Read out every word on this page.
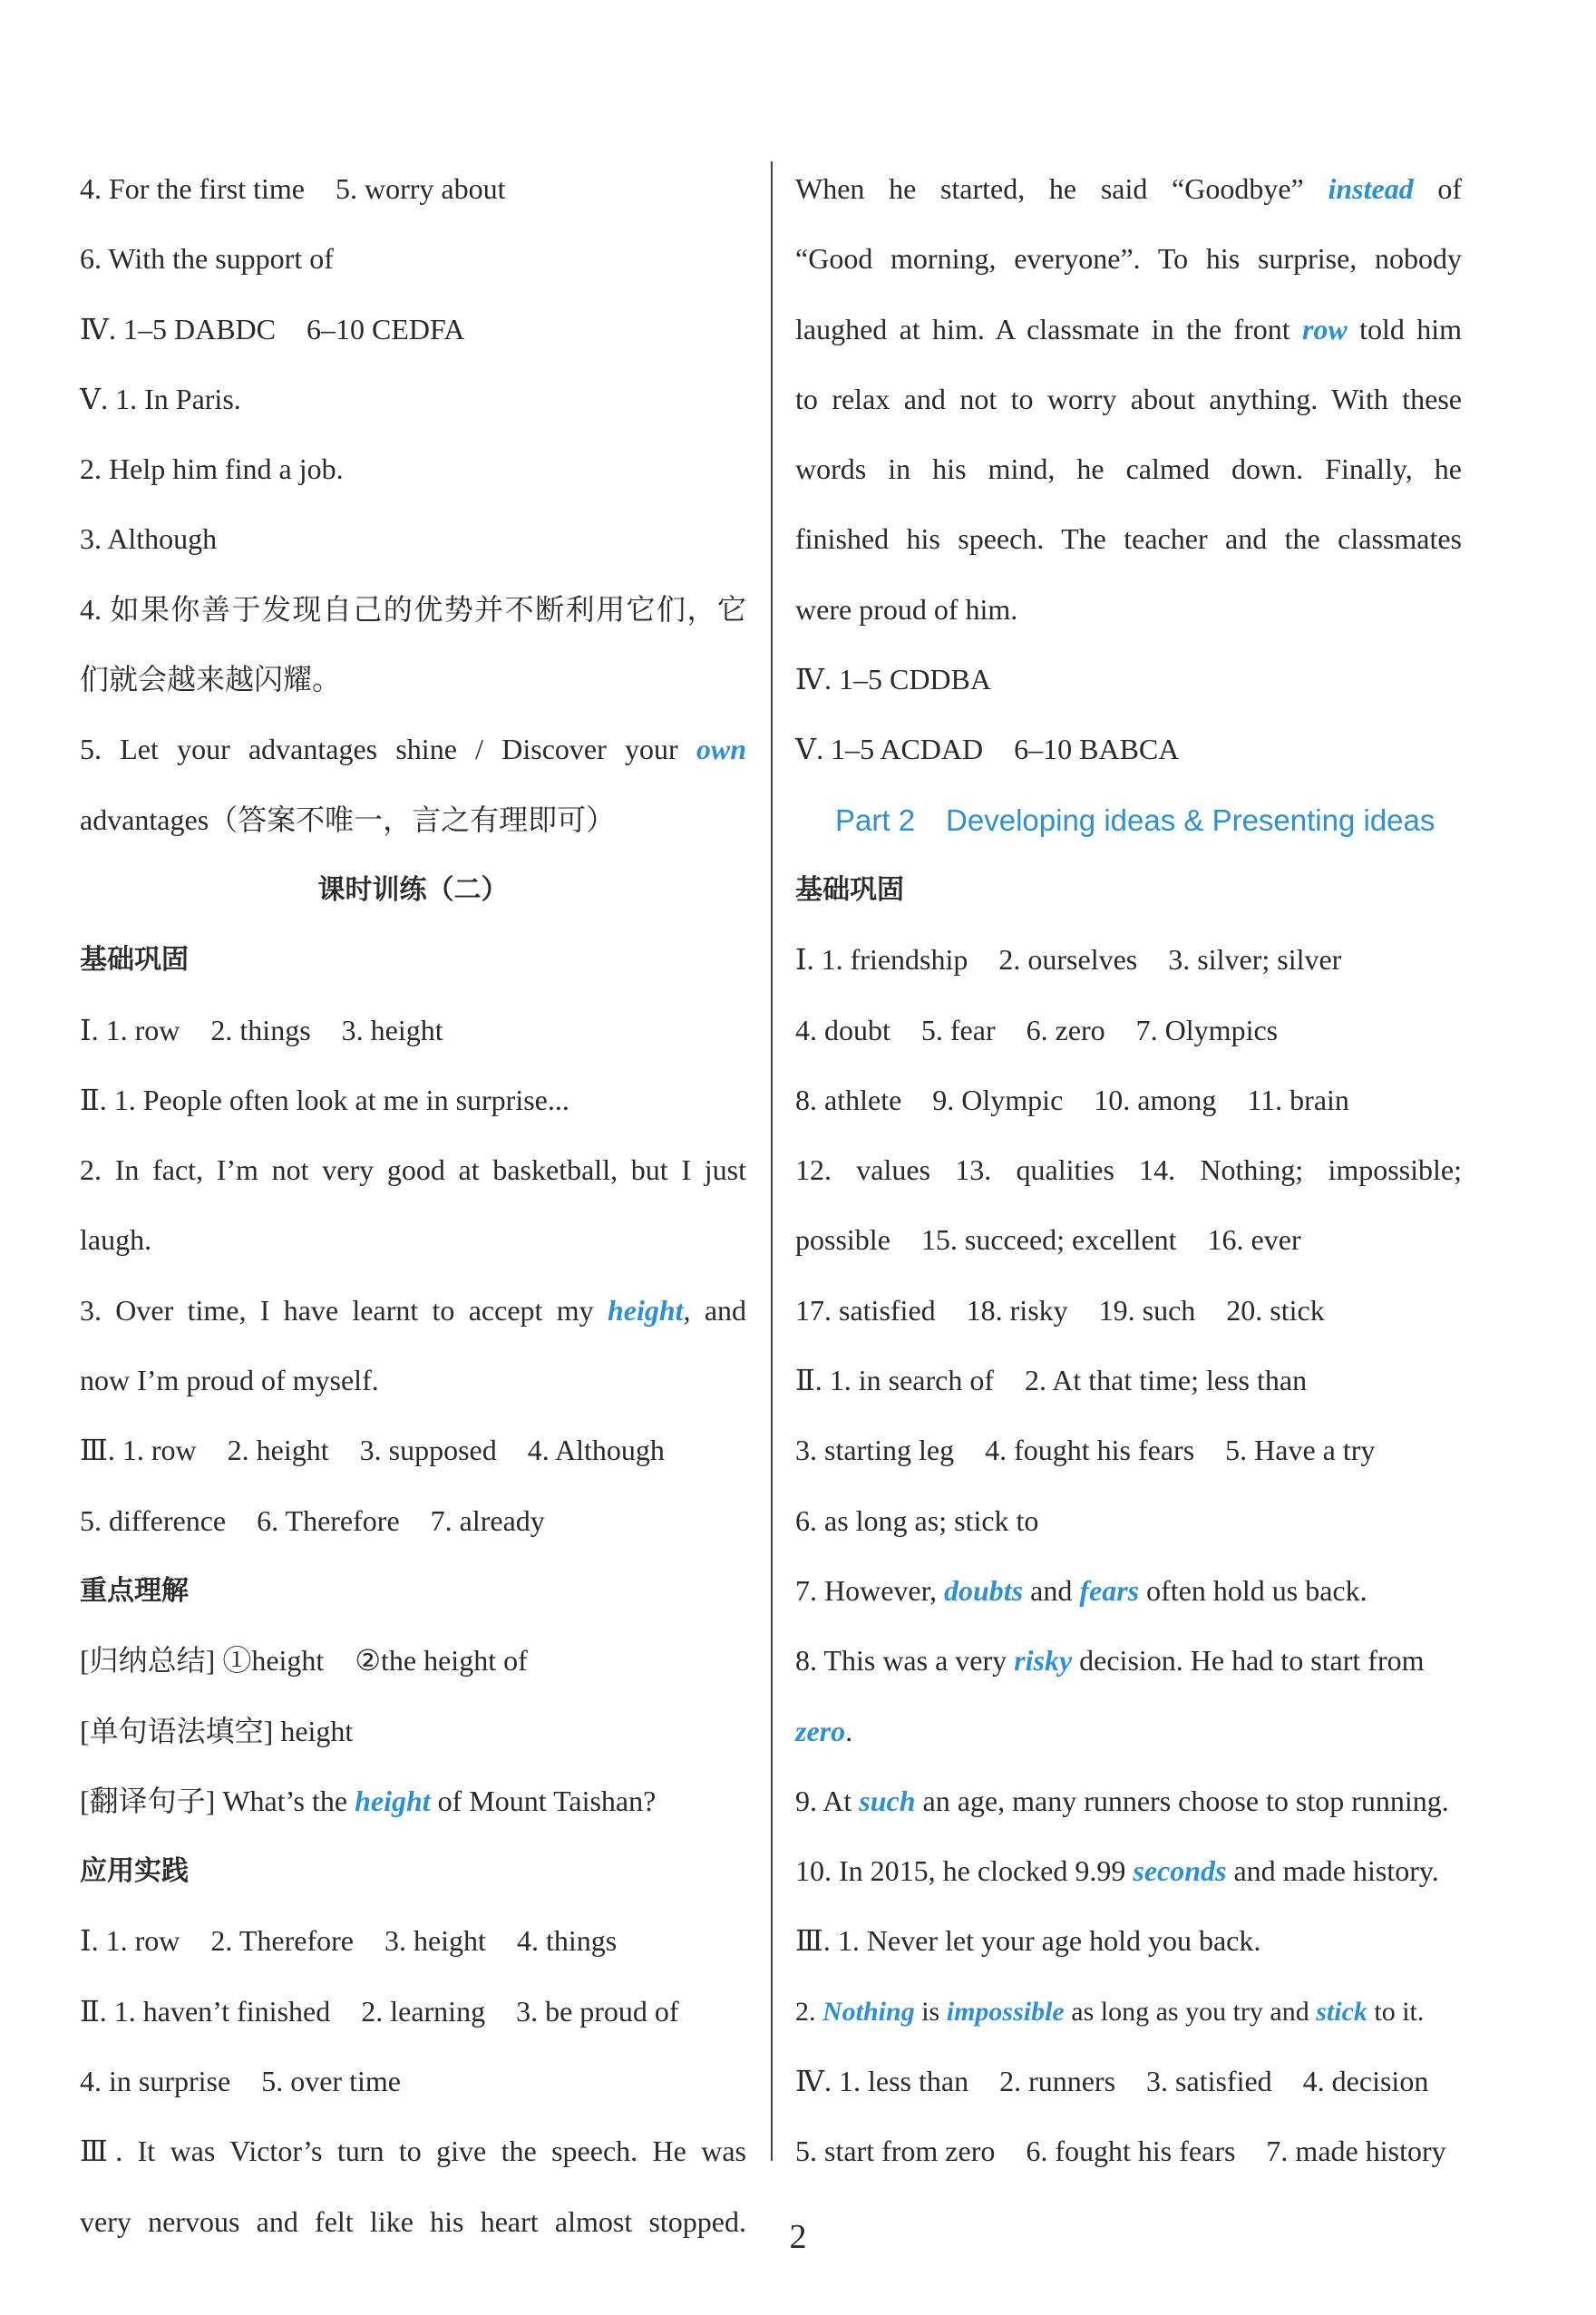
4. For the first time 5. worry about
6. With the support of
Ⅳ. 1–5 DABDC 6–10 CEDFA
Ⅴ. 1. In Paris.
2. Help him find a job.
3. Although
4. 如果你善于发现自己的优势并不断利用它们，它
们就会越来越闪耀。
5. Let your advantages shine / Discover your own
advantages（答案不唯一，言之有理即可）
课时训练（二）
基础巩固
Ⅰ. 1. row 2. things 3. height
Ⅱ. 1. People often look at me in surprise...
2. In fact, I’m not very good at basketball, but I just
laugh.
3. Over time, I have learnt to accept my height, and
now I’m proud of myself.
Ⅲ. 1. row 2. height 3. supposed 4. Although
5. difference 6. Therefore 7. already
重点理解
[归纳总结] ①height ②the height of
[单句语法填空] height
[翻译句子] What’s the height of Mount Taishan?
应用实践
Ⅰ. 1. row 2. Therefore 3. height 4. things
Ⅱ. 1. haven’t finished 2. learning 3. be proud of
4. in surprise 5. over time
Ⅲ. It was Victor’s turn to give the speech. He was
very nervous and felt like his heart almost stopped.
When he started, he said “Goodbye” instead of
“Good morning, everyone”. To his surprise, nobody
laughed at him. A classmate in the front row told him
to relax and not to worry about anything. With these
words in his mind, he calmed down. Finally, he
finished his speech. The teacher and the classmates
were proud of him.
Ⅳ. 1–5 CDDBA
Ⅴ. 1–5 ACDAD 6–10 BABCA
Part 2 Developing ideas & Presenting ideas
基础巩固
Ⅰ. 1. friendship 2. ourselves 3. silver; silver
4. doubt 5. fear 6. zero 7. Olympics
8. athlete 9. Olympic 10. among 11. brain
12. values 13. qualities 14. Nothing; impossible;
possible 15. succeed; excellent 16. ever
17. satisfied 18. risky 19. such 20. stick
Ⅱ. 1. in search of 2. At that time; less than
3. starting leg 4. fought his fears 5. Have a try
6. as long as; stick to
7. However, doubts and fears often hold us back.
8. This was a very risky decision. He had to start from
zero.
9. At such an age, many runners choose to stop running.
10. In 2015, he clocked 9.99 seconds and made history.
Ⅲ. 1. Never let your age hold you back.
2. Nothing is impossible as long as you try and stick to it.
Ⅳ. 1. less than 2. runners 3. satisfied 4. decision
5. start from zero 6. fought his fears 7. made history
2
